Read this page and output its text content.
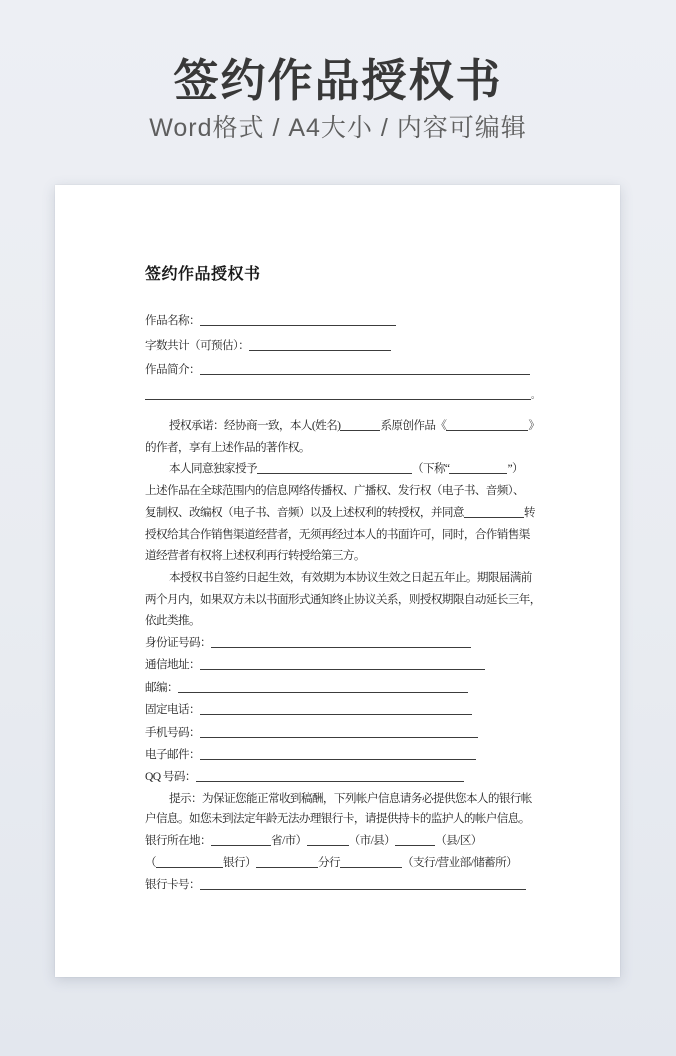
签约作品授权书

Word格式 / A4大小 / 内容可编辑

签约作品授权书
作品名称：
字数共计（可预估）：
作品简介：
。
授权承诺：经协商一致，本人(姓名)	系原创作品《	》
的作者，享有上述作品的著作权。
本人同意独家授予	（下称“	”）
上述作品在全球范围内的信息网络传播权、广播权、发行权（电子书、音频）、
复制权、改编权（电子书、音频）以及上述权利的转授权，并同意	转
授权给其合作销售渠道经营者，无须再经过本人的书面许可，同时，合作销售渠
道经营者有权将上述权利再行转授给第三方。
本授权书自签约日起生效，有效期为本协议生效之日起五年止。期限届满前
两个月内，如果双方未以书面形式通知终止协议关系，则授权期限自动延长三年，
依此类推。
身份证号码：
通信地址：
邮编：
固定电话：
手机号码：
电子邮件：
QQ 号码：
提示：为保证您能正常收到稿酬，下列帐户信息请务必提供您本人的银行帐
户信息。如您未到法定年龄无法办理银行卡，请提供持卡的监护人的帐户信息。
银行所在地：	省/市）	（市/县）	（县/区）
（	银行）	分行	（支行/营业部/储蓄所）
银行卡号：
